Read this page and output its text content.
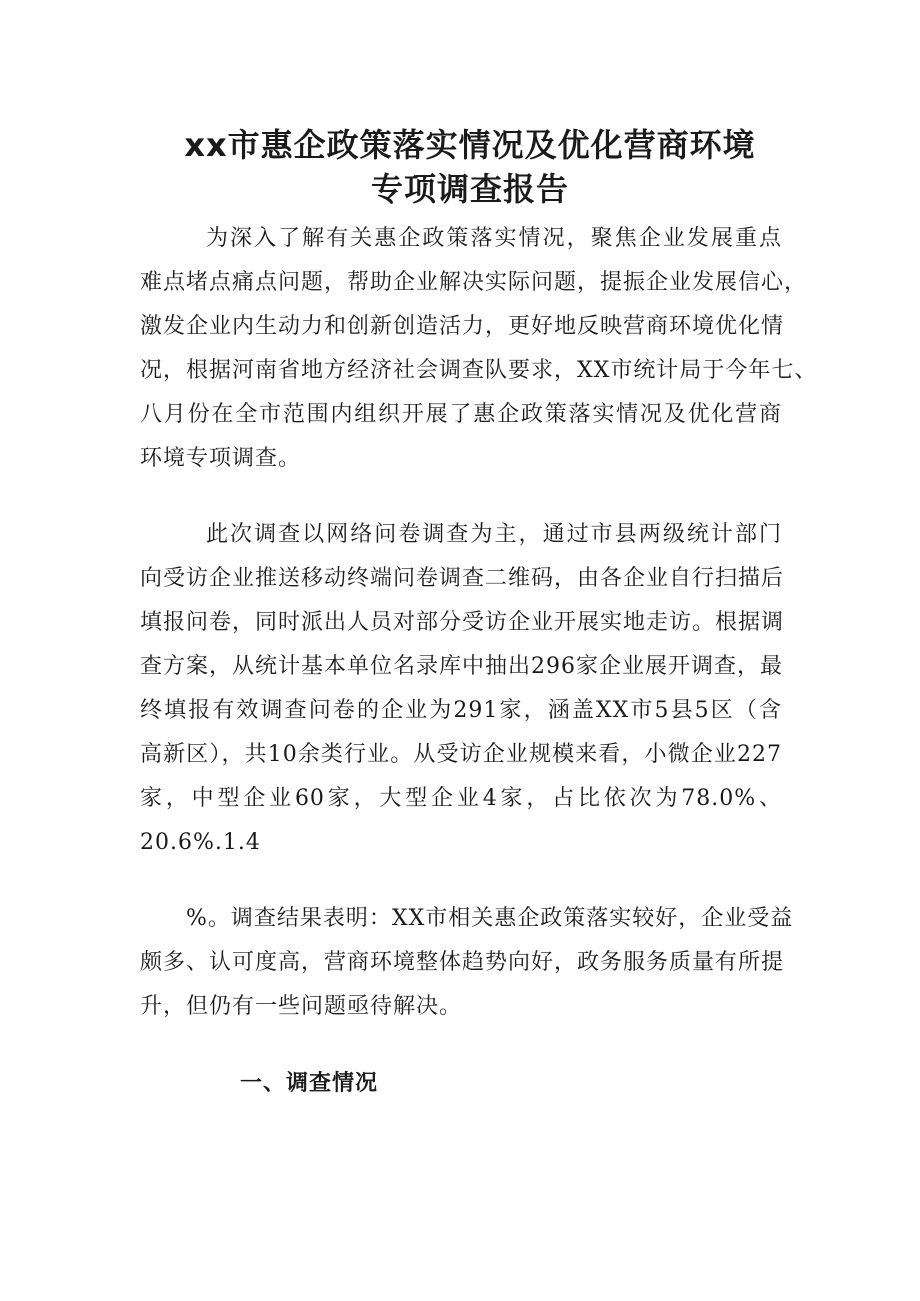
xx市惠企政策落实情况及优化营商环境
专项调查报告

为深入了解有关惠企政策落实情况，聚焦企业发展重点

难点堵点痛点问题，帮助企业解决实际问题，提振企业发展信心，

激发企业内生动力和创新创造活力，更好地反映营商环境优化情

况，根据河南省地方经济社会调查队要求，XX市统计局于今年七、

八月份在全市范围内组织开展了惠企政策落实情况及优化营商

环境专项调查。

此次调查以网络问卷调查为主，通过市县两级统计部门

向受访企业推送移动终端问卷调查二维码，由各企业自行扫描后

填报问卷，同时派出人员对部分受访企业开展实地走访。根据调

查方案，从统计基本单位名录库中抽出296家企业展开调查，最

终填报有效调查问卷的企业为291家，涵盖XX市5县5区（含

高新区），共10余类行业。从受访企业规模来看，小微企业227

家，中型企业60家，大型企业4家，占比依次为78.0%、

20.6%.1.4

%。调查结果表明：XX市相关惠企政策落实较好，企业受益

颇多、认可度高，营商环境整体趋势向好，政务服务质量有所提

升，但仍有一些问题亟待解决。

一、调查情况
